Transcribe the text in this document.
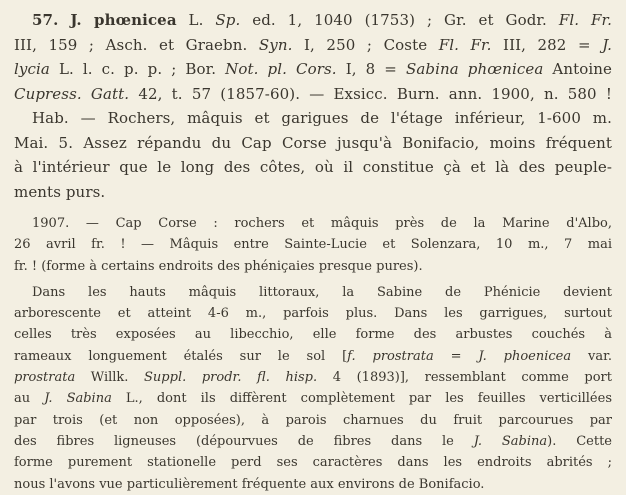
57. J. phœnicea L. Sp. ed. 1, 1040 (1753) ; Gr. et Godr. Fl. Fr.
III, 159 ; Asch. et Graebn. Syn. I, 250 ; Coste Fl. Fr. III, 282 = J.
lycia L. l. c. p. p. ; Bor. Not. pl. Cors. I, 8 = Sabina phœnicea Antoine
Cupress. Gatt. 42, t. 57 (1857-60). — Exsicc. Burn. ann. 1900, n. 580 !
Hab. — Rochers, mâquis et garigues de l'étage inférieur, 1-600 m.
Mai. 5. Assez répandu du Cap Corse jusqu'à Bonifacio, moins fréquent
à l'intérieur que le long des côtes, où il constitue çà et là des peuple-
ments purs.
1907. — Cap Corse : rochers et mâquis près de la Marine d'Albo,
26 avril fr. ! — Mâquis entre Sainte-Lucie et Solenzara, 10 m., 7 mai
fr. ! (forme à certains endroits des phéniçaies presque pures).
Dans les hauts mâquis littoraux, la Sabine de Phénicie devient
arborescente et atteint 4-6 m., parfois plus. Dans les garrigues, surtout
celles très exposées au libecchio, elle forme des arbustes couchés à
rameaux longuement étalés sur le sol [f. prostrata = J. phoenicea var.
prostrata Willk. Suppl. prodr. fl. hisp. 4 (1893)], ressemblant comme port
au J. Sabina L., dont ils diffèrent complètement par les feuilles verticillées
par trois (et non opposées), à parois charnues du fruit parcourues par
des fibres ligneuses (dépourvues de fibres dans le J. Sabina). Cette
forme purement stationelle perd ses caractères dans les endroits abrités ;
nous l'avons vue particulièrement fréquente aux environs de Bonifacio.
